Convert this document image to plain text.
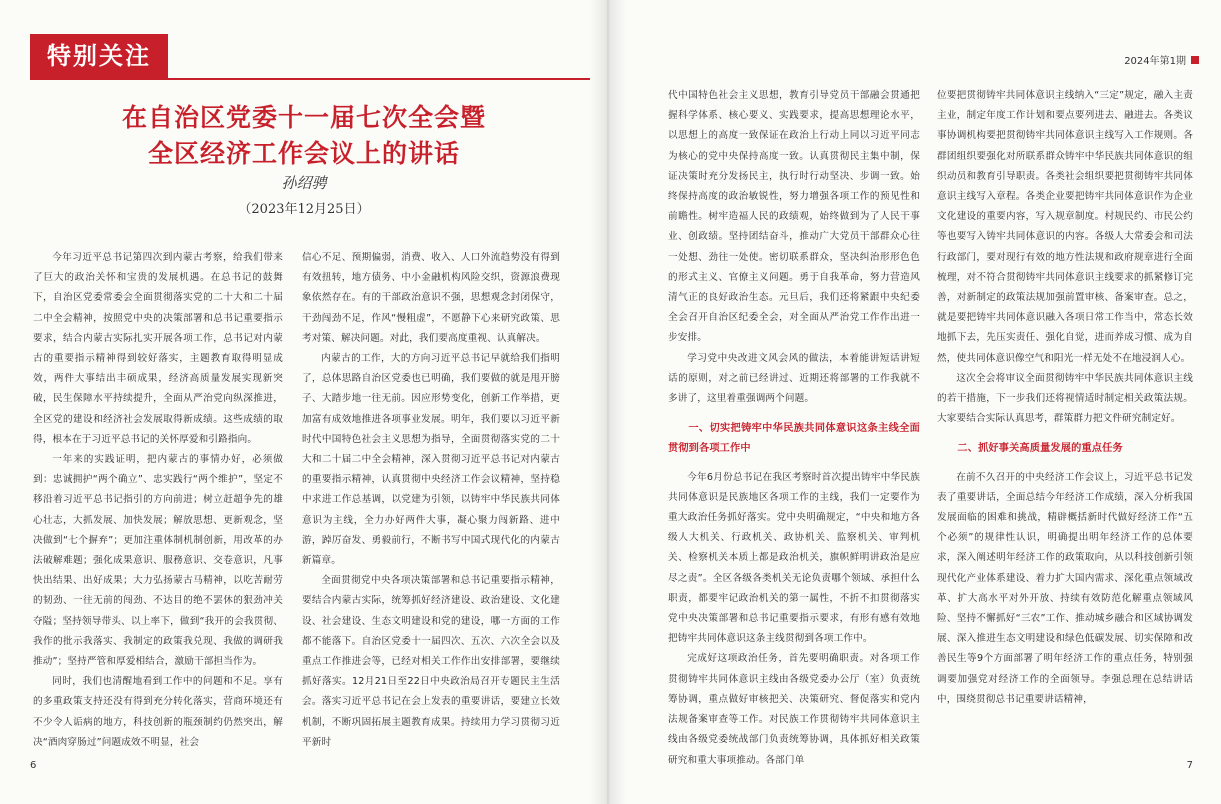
特别关注
在自治区党委十一届七次全会暨
全区经济工作会议上的讲话
孙绍骋
（2023年12月25日）

今年习近平总书记第四次到内蒙古考察，给我们带来了巨大的政治关怀和宝贵的发展机遇。在总书记的鼓舞下，自治区党委常委会全面贯彻落实党的二十大和二十届二中全会精神，按照党中央的决策部署和总书记重要指示要求，结合内蒙古实际扎实开展各项工作，总书记对内蒙古的重要指示精神得到较好落实，主题教育取得明显成效，两件大事结出丰硕成果，经济高质量发展实现新突破，民生保障水平持续提升，全面从严治党向纵深推进，全区党的建设和经济社会发展取得新成绩。这些成绩的取得，根本在于习近平总书记的关怀厚爱和引路指向。

一年来的实践证明，把内蒙古的事情办好，必须做到：忠诚拥护“两个确立”、忠实践行“两个维护”，坚定不移沿着习近平总书记指引的方向前进；树立赶超争先的雄心壮志，大抓发展、加快发展；解放思想、更新观念，坚决做到“七个摒弃”；更加注重体制机制创新，用改革的办法破解难题；强化成果意识、服務意识、交卷意识，凡事快出结果、出好成果；大力弘扬蒙古马精神，以吃苦耐劳的韧劲、一往无前的闯劲、不达目的绝不罢休的狠劲冲关夺隘；坚持领导带头、以上率下，做到“我开的会我贯彻、我作的批示我落实、我制定的政策我兑现、我做的调研我推动”；坚持严管和厚爱相结合，激励干部担当作为。

同时，我们也清醒地看到工作中的问题和不足。享有的多重政策支持还没有得到充分转化落实，营商环境还有不少令人诟病的地方，科技创新的瓶颈制约仍然突出，解决“酒肉穿肠过”问题成效不明显，社会

信心不足、预期偏弱，消费、收入、人口外流趋势没有得到有效扭转，地方债务、中小金融机构风险交织，资源浪费现象依然存在。有的干部政治意识不强，思想观念封闭保守，干劲闯劲不足，作风“慢粗虚”，不愿静下心来研究政策、思考对策、解决问题。对此，我们要高度重视、认真解决。

内蒙古的工作，大的方向习近平总书记早就给我们指明了，总体思路自治区党委也已明确，我们要做的就是甩开膀子、大踏步地一往无前。因应形势变化，创新工作举措，更加富有成效地推进各项事业发展。明年，我们要以习近平新时代中国特色社会主义思想为指导，全面贯彻落实党的二十大和二十届二中全会精神，深入贯彻习近平总书记对内蒙古的重要指示精神，认真贯彻中央经济工作会议精神，坚持稳中求进工作总基调，以党建为引领，以铸牢中华民族共同体意识为主线，全力办好两件大事，凝心聚力闯新路、进中游，踔厉奋发、勇毅前行，不断书写中国式现代化的内蒙古新篇章。

全面贯彻党中央各项决策部署和总书记重要指示精神，要结合内蒙古实际，统筹抓好经济建设、政治建设、文化建设、社会建设、生态文明建设和党的建设，哪一方面的工作都不能落下。自治区党委十一届四次、五次、六次全会以及重点工作推进会等，已经对相关工作作出安排部署，要继续抓好落实。12月21日至22日中央政治局召开专题民主生活会。落实习近平总书记在会上发表的重要讲话，要建立长效机制，不断巩固拓展主题教育成果。持续用力学习贯彻习近平新时

6
2024年第1期
7

代中国特色社会主义思想，教育引导党员干部融会贯通把握科学体系、核心要义、实践要求，提高思想理论水平，以思想上的高度一致保证在政治上行动上同以习近平同志为核心的党中央保持高度一致。认真贯彻民主集中制，保证决策时充分发扬民主，执行时行动坚决、步调一致。始终保持高度的政治敏锐性，努力增强各项工作的预见性和前瞻性。树牢造福人民的政绩观，始终做到为了人民干事业、创政绩。坚持团结奋斗，推动广大党员干部群众心往一处想、劲往一处使。密切联系群众，坚决纠治形形色色的形式主义、官僚主义问题。勇于自我革命，努力营造风清气正的良好政治生态。元旦后，我们还将紧跟中央纪委全会召开自治区纪委全会，对全面从严治党工作作出进一步安排。

学习党中央改进文风会风的做法，本着能讲短话讲短话的原则，对之前已经讲过、近期还将部署的工作我就不多讲了，这里着重强调两个问题。

一、切实把铸牢中华民族共同体意识这条主线全面贯彻到各项工作中

今年6月份总书记在我区考察时首次提出铸牢中华民族共同体意识是民族地区各项工作的主线，我们一定要作为重大政治任务抓好落实。党中央明确规定，“中央和地方各级人大机关、行政机关、政协机关、监察机关、审判机关、检察机关本质上都是政治机关，旗帜鲜明讲政治是应尽之责”。全区各级各类机关无论负责哪个领域、承担什么职责，都要牢记政治机关的第一属性，不折不扣贯彻落实党中央决策部署和总书记重要指示要求，有形有感有效地把铸牢共同体意识这条主线贯彻到各项工作中。

完成好这项政治任务，首先要明确职责。对各项工作贯彻铸牢共同体意识主线由各级党委办公厅（室）负责统筹协调，重点做好审核把关、决策研究、督促落实和党内法规备案审查等工作。对民族工作贯彻铸牢共同体意识主线由各级党委统战部门负责统筹协调，具体抓好相关政策研究和重大事项推动。各部门单

位要把贯彻铸牢共同体意识主线纳入“三定”规定，融入主责主业，制定年度工作计划和要点要列进去、融进去。各类议事协调机构要把贯彻铸牢共同体意识主线写入工作规则。各群团组织要强化对所联系群众铸牢中华民族共同体意识的组织动员和教育引导职责。各类社会组织要把贯彻铸牢共同体意识主线写入章程。各类企业要把铸牢共同体意识作为企业文化建设的重要内容，写入规章制度。村规民约、市民公约等也要写入铸牢共同体意识的内容。各级人大常委会和司法行政部门，要对现行有效的地方性法规和政府规章进行全面梳理，对不符合贯彻铸牢共同体意识主线要求的抓紧修订完善，对新制定的政策法规加强前置审核、备案审查。总之，就是要把铸牢共同体意识融入各项日常工作当中，常态长效地抓下去，先压实责任、强化自觉，进而养成习惯、成为自然，使共同体意识像空气和阳光一样无处不在地浸润人心。

这次全会将审议全面贯彻铸牢中华民族共同体意识主线的若干措施，下一步我们还将视情适时制定相关政策法规。大家要结合实际认真思考，群策群力把文件研究制定好。

二、抓好事关高质量发展的重点任务

在前不久召开的中央经济工作会议上，习近平总书记发表了重要讲话，全面总结今年经济工作成绩，深入分析我国发展面临的困难和挑战，精辟概括新时代做好经济工作“五个必须”的规律性认识，明确提出明年经济工作的总体要求，深入阐述明年经济工作的政策取向，从以科技创新引领现代化产业体系建设、着力扩大国内需求、深化重点领域改革、扩大高水平对外开放、持续有效防范化解重点领域风险、坚持不懈抓好“三农”工作、推动城乡融合和区域协调发展、深入推进生态文明建设和绿色低碳发展、切实保障和改善民生等9个方面部署了明年经济工作的重点任务，特别强调要加强党对经济工作的全面领导。李强总理在总结讲话中，围绕贯彻总书记重要讲话精神，
